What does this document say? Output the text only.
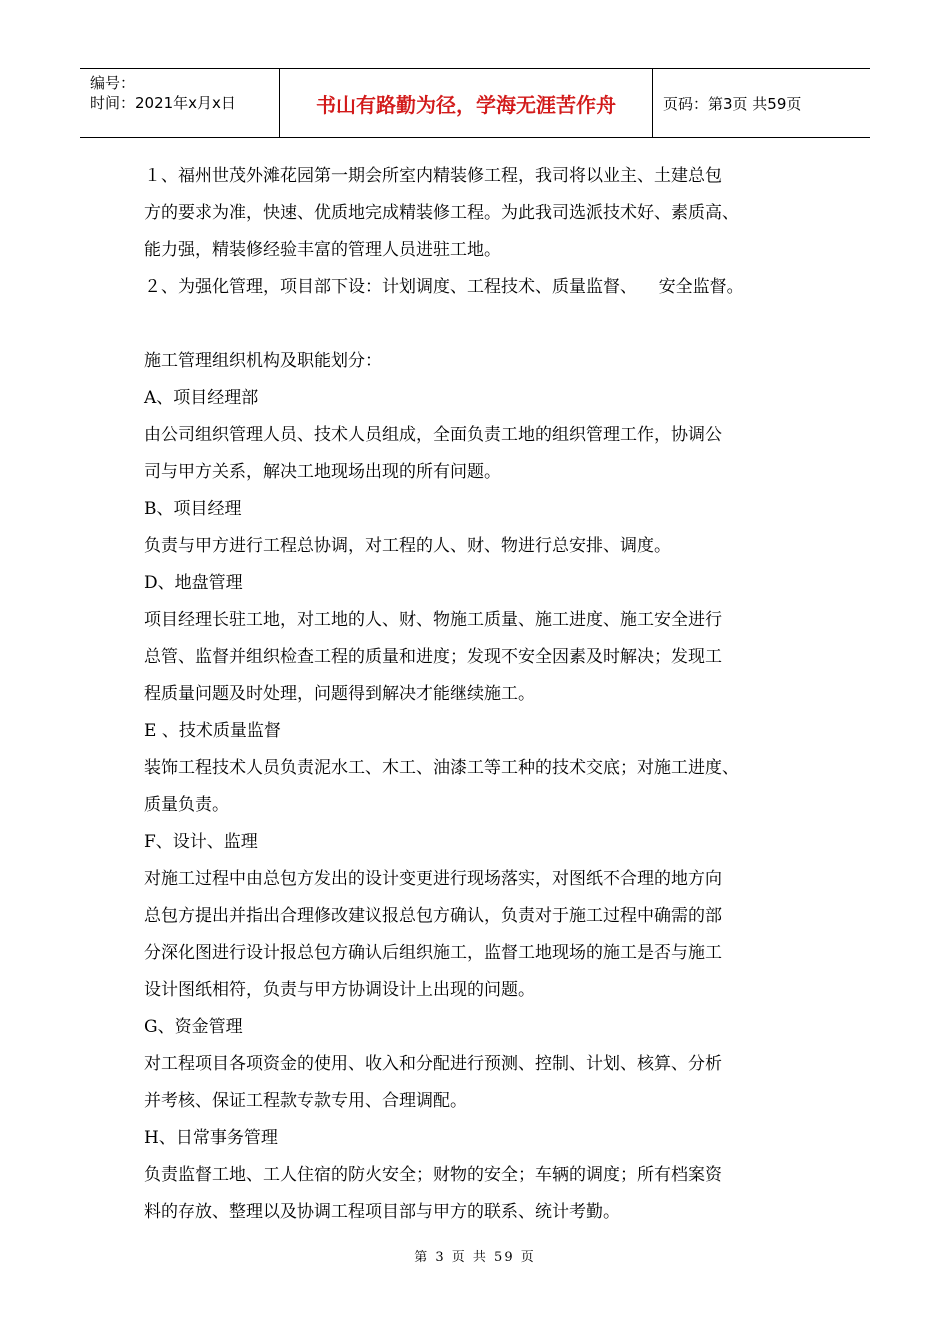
编号：
时间：2021年x月x日	书山有路勤为径，学海无涯苦作舟	页码：第3页 共59页

１、福州世茂外滩花园第一期会所室内精装修工程，我司将以业主、土建总包

方的要求为准，快速、优质地完成精装修工程。为此我司选派技术好、素质高、

能力强，精装修经验丰富的管理人员进驻工地。

２、为强化管理，项目部下设：计划调度、工程技术、质量监督、    安全监督。

施工管理组织机构及职能划分：

A、项目经理部

由公司组织管理人员、技术人员组成，全面负责工地的组织管理工作，协调公

司与甲方关系，解决工地现场出现的所有问题。

B、项目经理

负责与甲方进行工程总协调，对工程的人、财、物进行总安排、调度。

D、地盘管理

项目经理长驻工地，对工地的人、财、物施工质量、施工进度、施工安全进行

总管、监督并组织检查工程的质量和进度；发现不安全因素及时解决；发现工

程质量问题及时处理，问题得到解决才能继续施工。

E 、技术质量监督

装饰工程技术人员负责泥水工、木工、油漆工等工种的技术交底；对施工进度、

质量负责。

F、设计、监理

对施工过程中由总包方发出的设计变更进行现场落实，对图纸不合理的地方向

总包方提出并指出合理修改建议报总包方确认，负责对于施工过程中确需的部

分深化图进行设计报总包方确认后组织施工，监督工地现场的施工是否与施工

设计图纸相符，负责与甲方协调设计上出现的问题。

G、资金管理

对工程项目各项资金的使用、收入和分配进行预测、控制、计划、核算、分析

并考核、保证工程款专款专用、合理调配。

H、日常事务管理

负责监督工地、工人住宿的防火安全；财物的安全；车辆的调度；所有档案资

料的存放、整理以及协调工程项目部与甲方的联系、统计考勤。

第 3 页 共 59 页
